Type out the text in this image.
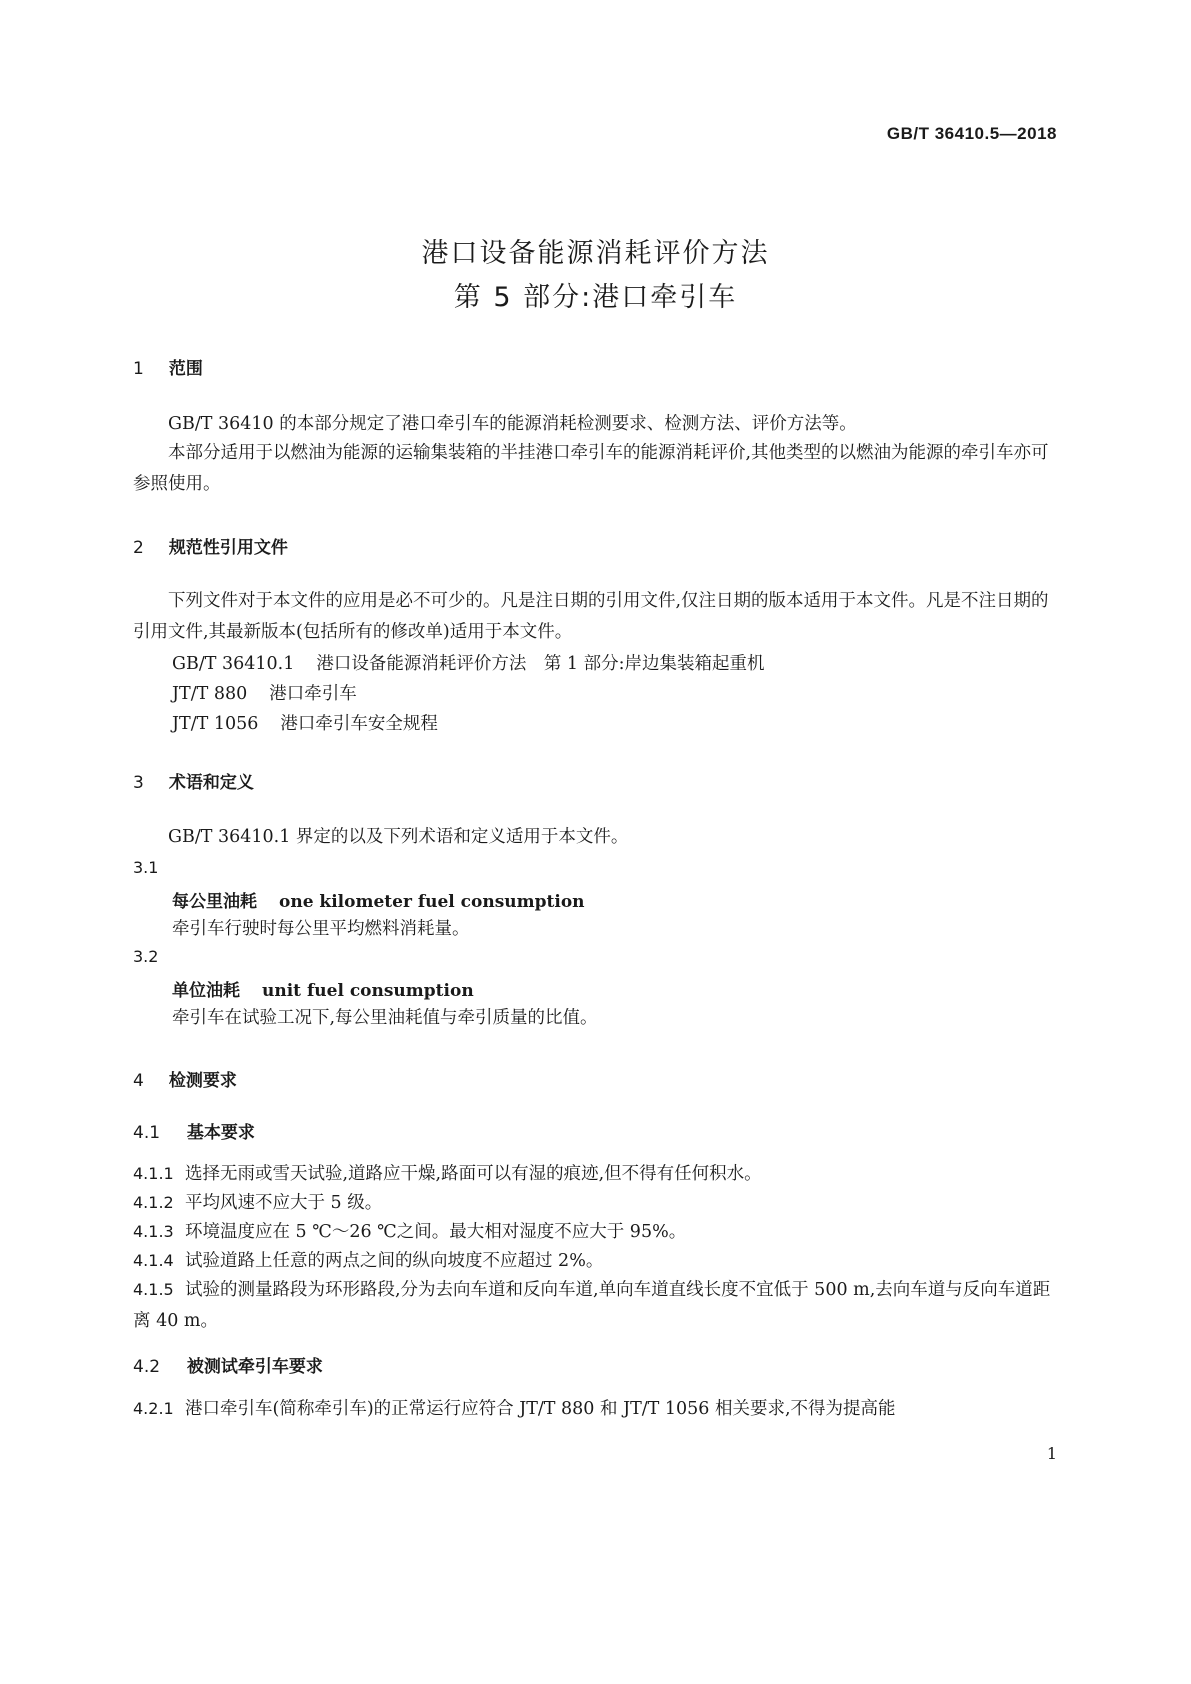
GB/T 36410.5—2018
港口设备能源消耗评价方法
第 5 部分:港口牵引车
1 范围
GB/T 36410 的本部分规定了港口牵引车的能源消耗检测要求、检测方法、评价方法等。
本部分适用于以燃油为能源的运输集装箱的半挂港口牵引车的能源消耗评价,其他类型的以燃油为能源的牵引车亦可参照使用。
2 规范性引用文件
下列文件对于本文件的应用是必不可少的。凡是注日期的引用文件,仅注日期的版本适用于本文件。凡是不注日期的引用文件,其最新版本(包括所有的修改单)适用于本文件。
GB/T 36410.1 港口设备能源消耗评价方法　第 1 部分:岸边集装箱起重机
JT/T 880 港口牵引车
JT/T 1056 港口牵引车安全规程
3 术语和定义
GB/T 36410.1 界定的以及下列术语和定义适用于本文件。
3.1
每公里油耗 one kilometer fuel consumption
牵引车行驶时每公里平均燃料消耗量。
3.2
单位油耗 unit fuel consumption
牵引车在试验工况下,每公里油耗值与牵引质量的比值。
4 检测要求
4.1 基本要求
4.1.1 选择无雨或雪天试验,道路应干燥,路面可以有湿的痕迹,但不得有任何积水。
4.1.2 平均风速不应大于 5 级。
4.1.3 环境温度应在 5 ℃～26 ℃之间。最大相对湿度不应大于 95%。
4.1.4 试验道路上任意的两点之间的纵向坡度不应超过 2%。
4.1.5 试验的测量路段为环形路段,分为去向车道和反向车道,单向车道直线长度不宜低于 500 m,去向车道与反向车道距离 40 m。
4.2 被测试牵引车要求
4.2.1 港口牵引车(简称牵引车)的正常运行应符合 JT/T 880 和 JT/T 1056 相关要求,不得为提高能
1
